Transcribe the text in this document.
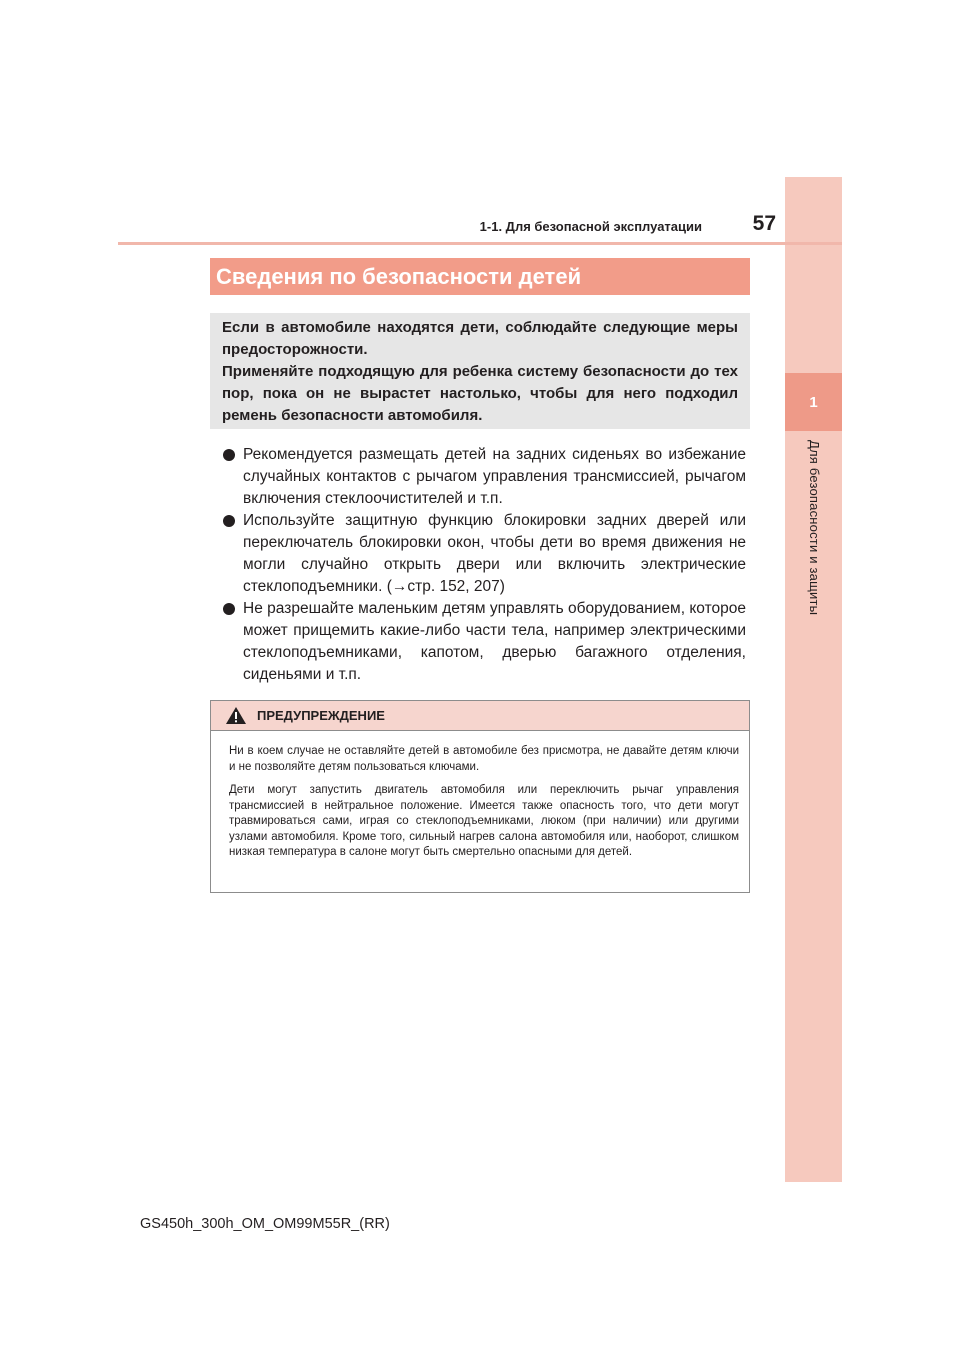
1
Для безопасности и защиты
1-1. Для безопасной эксплуатации	57
Сведения по безопасности детей

Если в автомобиле находятся дети, соблюдайте следующие меры предосторожности.

Применяйте подходящую для ребенка систему безопасности до тех пор, пока он не вырастет настолько, чтобы для него подходил ремень безопасности автомобиля.

Рекомендуется размещать детей на задних сиденьях во избежание случайных контактов с рычагом управления трансмиссией, рычагом включения стеклоочистителей и т.п.
Используйте защитную функцию блокировки задних дверей или переключатель блокировки окон, чтобы дети во время движения не могли случайно открыть двери или включить электрические стеклоподъемники. (→стр. 152, 207)
Не разрешайте маленьким детям управлять оборудованием, которое может прищемить какие-либо части тела, например электрическими стеклоподъемниками, капотом, дверью багажного отделения, сиденьями и т.п.
ПРЕДУПРЕЖДЕНИЕ

Ни в коем случае не оставляйте детей в автомобиле без присмотра, не давайте детям ключи и не позволяйте детям пользоваться ключами.

Дети могут запустить двигатель автомобиля или переключить рычаг управления трансмиссией в нейтральное положение. Имеется также опасность того, что дети могут травмироваться сами, играя со стеклоподъемниками, люком (при наличии) или другими узлами автомобиля. Кроме того, сильный нагрев салона автомобиля или, наоборот, слишком низкая температура в салоне могут быть смертельно опасными для детей.

GS450h_300h_OM_OM99M55R_(RR)
